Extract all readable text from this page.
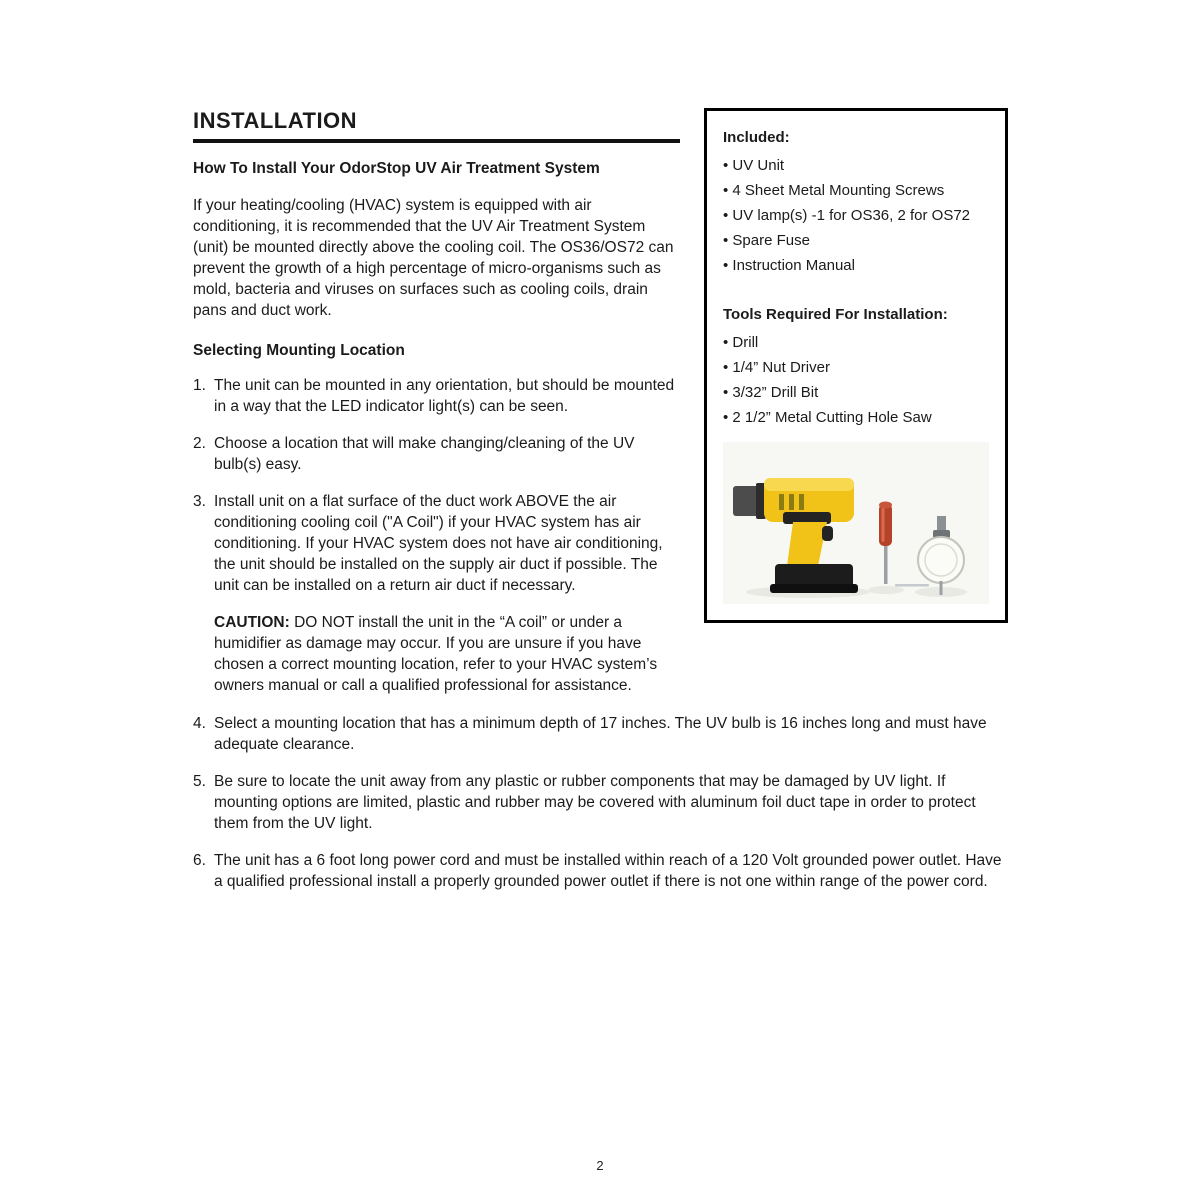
Included:
• UV Unit
• 4 Sheet Metal Mounting Screws
• UV lamp(s) -1 for OS36, 2 for OS72
• Spare Fuse
• Instruction Manual
Tools Required For Installation:
• Drill
• 1/4” Nut Driver
• 3/32” Drill Bit
• 2 1/2” Metal Cutting Hole Saw
INSTALLATION
How To Install Your OdorStop UV Air Treatment System

If your heating/cooling (HVAC) system is equipped with air conditioning, it is recommended that the UV Air Treatment System (unit) be mounted directly above the cooling coil. The OS36/OS72 can prevent the growth of a high percentage of micro-organisms such as mold, bacteria and viruses on surfaces such as cooling coils, drain pans and duct work.

Selecting Mounting Location
1. The unit can be mounted in any orientation, but should be mounted in a way that the LED indicator light(s) can be seen.
2. Choose a location that will make changing/cleaning of the UV bulb(s) easy.
3. Install unit on a flat surface of the duct work ABOVE the air conditioning cooling coil ("A Coil") if your HVAC system has air conditioning. If your HVAC system does not have air conditioning, the unit should be installed on the supply air duct if possible. The unit can be installed on a return air duct if necessary.

CAUTION: DO NOT install the unit in the “A coil” or under a humidifier as damage may occur. If you are unsure if you have chosen a correct mounting location, refer to your HVAC system’s owners manual or call a qualified professional for assistance.

4. Select a mounting location that has a minimum depth of 17 inches. The UV bulb is 16 inches long and must have adequate clearance.
5. Be sure to locate the unit away from any plastic or rubber components that may be damaged by UV light. If mounting options are limited, plastic and rubber may be covered with aluminum foil duct tape in order to protect them from the UV light.
6. The unit has a 6 foot long power cord and must be installed within reach of a 120 Volt grounded power outlet. Have a qualified professional install a properly grounded power outlet if there is not one within range of the power cord.
2
